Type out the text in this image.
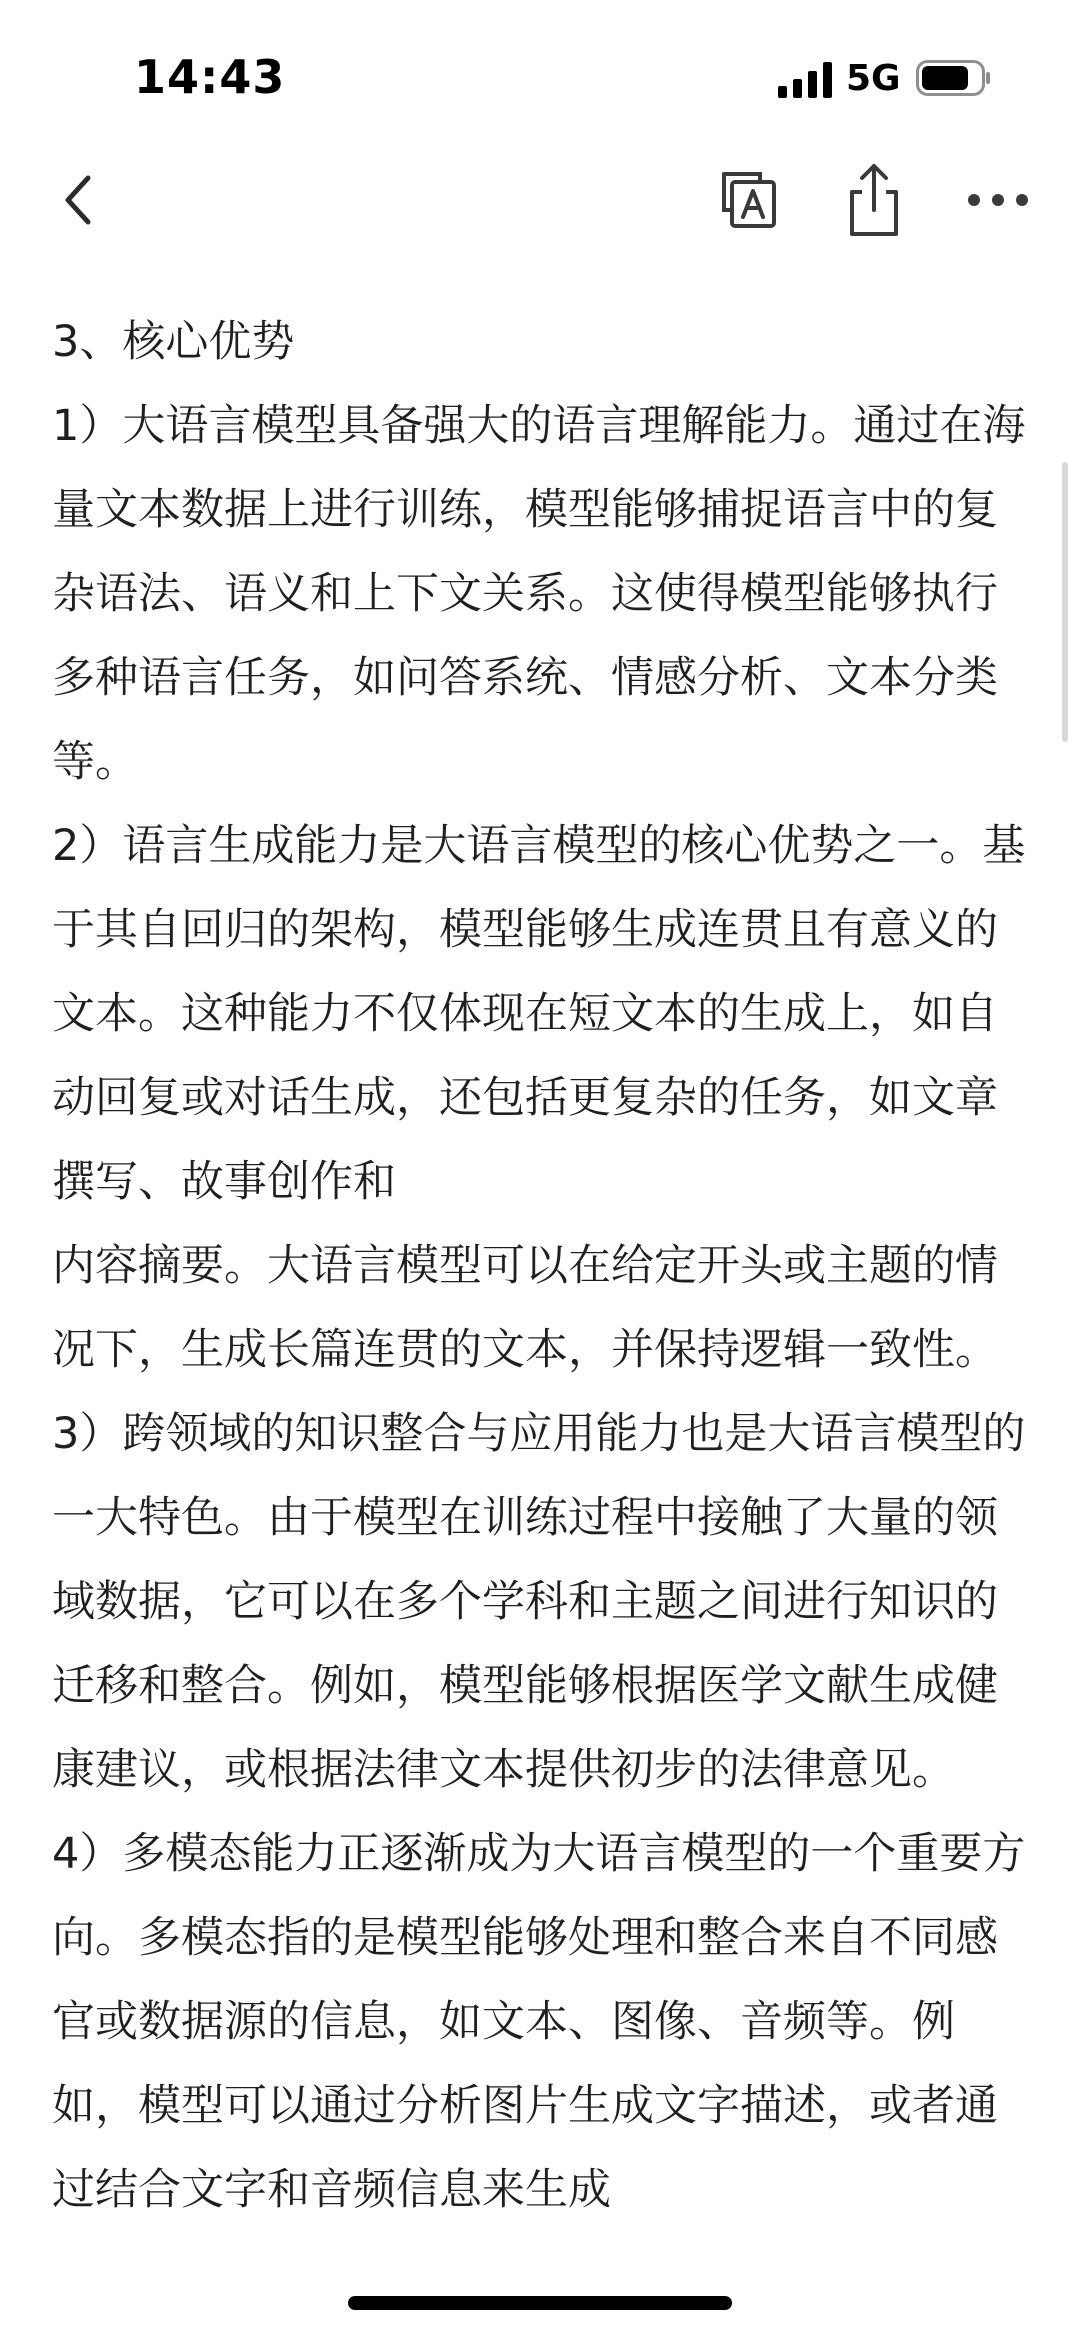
14:43	5G

3、核心优势

1）大语言模型具备强大的语言理解能力。通过在海量文本数据上进行训练，模型能够捕捉语言中的复杂语法、语义和上下文关系。这使得模型能够执行多种语言任务，如问答系统、情感分析、文本分类等。

2）语言生成能力是大语言模型的核心优势之一。基于其自回归的架构，模型能够生成连贯且有意义的文本。这种能力不仅体现在短文本的生成上，如自动回复或对话生成，还包括更复杂的任务，如文章撰写、故事创作和

内容摘要。大语言模型可以在给定开头或主题的情况下，生成长篇连贯的文本，并保持逻辑一致性。

3）跨领域的知识整合与应用能力也是大语言模型的一大特色。由于模型在训练过程中接触了大量的领域数据，它可以在多个学科和主题之间进行知识的迁移和整合。例如，模型能够根据医学文献生成健康建议，或根据法律文本提供初步的法律意见。

4）多模态能力正逐渐成为大语言模型的一个重要方向。多模态指的是模型能够处理和整合来自不同感官或数据源的信息，如文本、图像、音频等。例如，模型可以通过分析图片生成文字描述，或者通过结合文字和音频信息来生成
